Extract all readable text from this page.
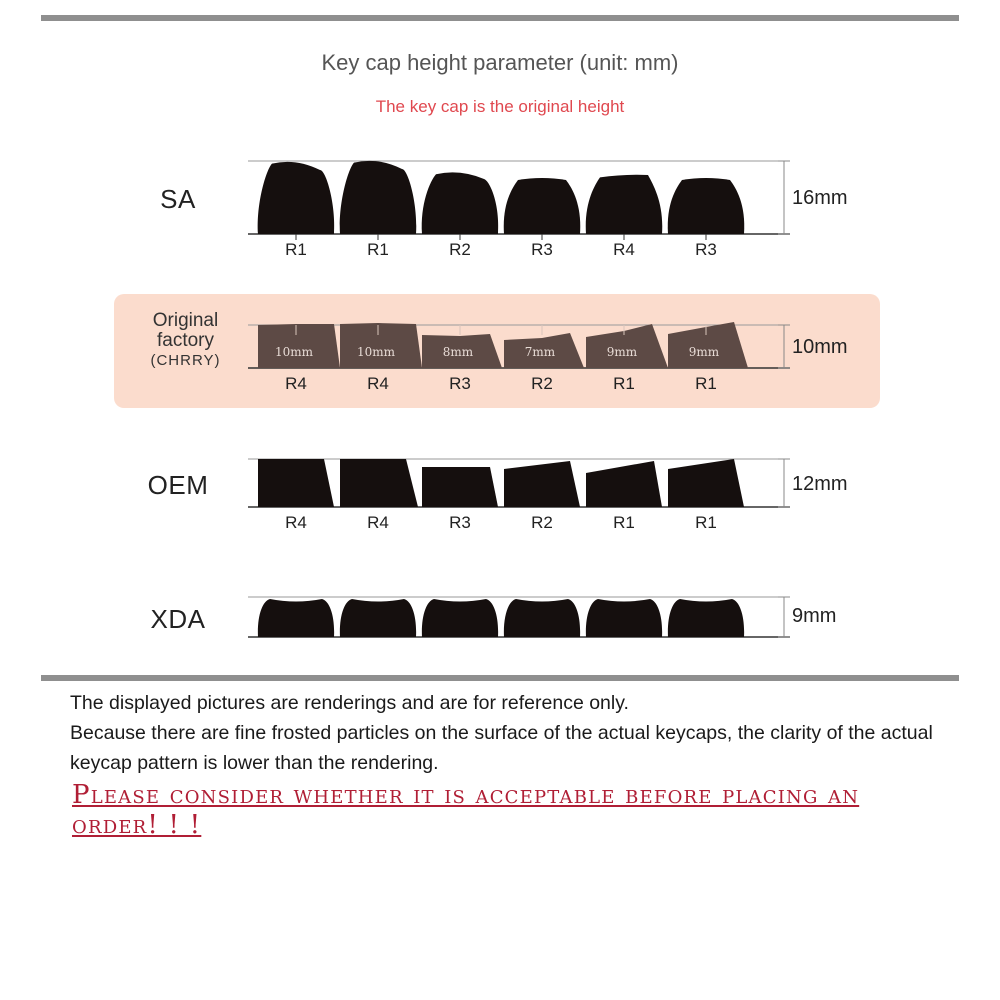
Key cap height parameter (unit: mm)
The key cap is the original height
SA
Original
factory
(CHRRY)
OEM
XDA
16mm
10mm
12mm
9mm
R1	R1	R2	R3	R4	R3
10mm	10mm	8mm	7mm	9mm	9mm
R4	R4	R3	R2	R1	R1
R4	R4	R3	R2	R1	R1

The displayed pictures are renderings and are for reference only.

Because there are fine frosted particles on the surface of the actual keycaps, the clarity of the actual keycap pattern is lower than the rendering.

Please consider whether it is acceptable before placing an order! ! !
